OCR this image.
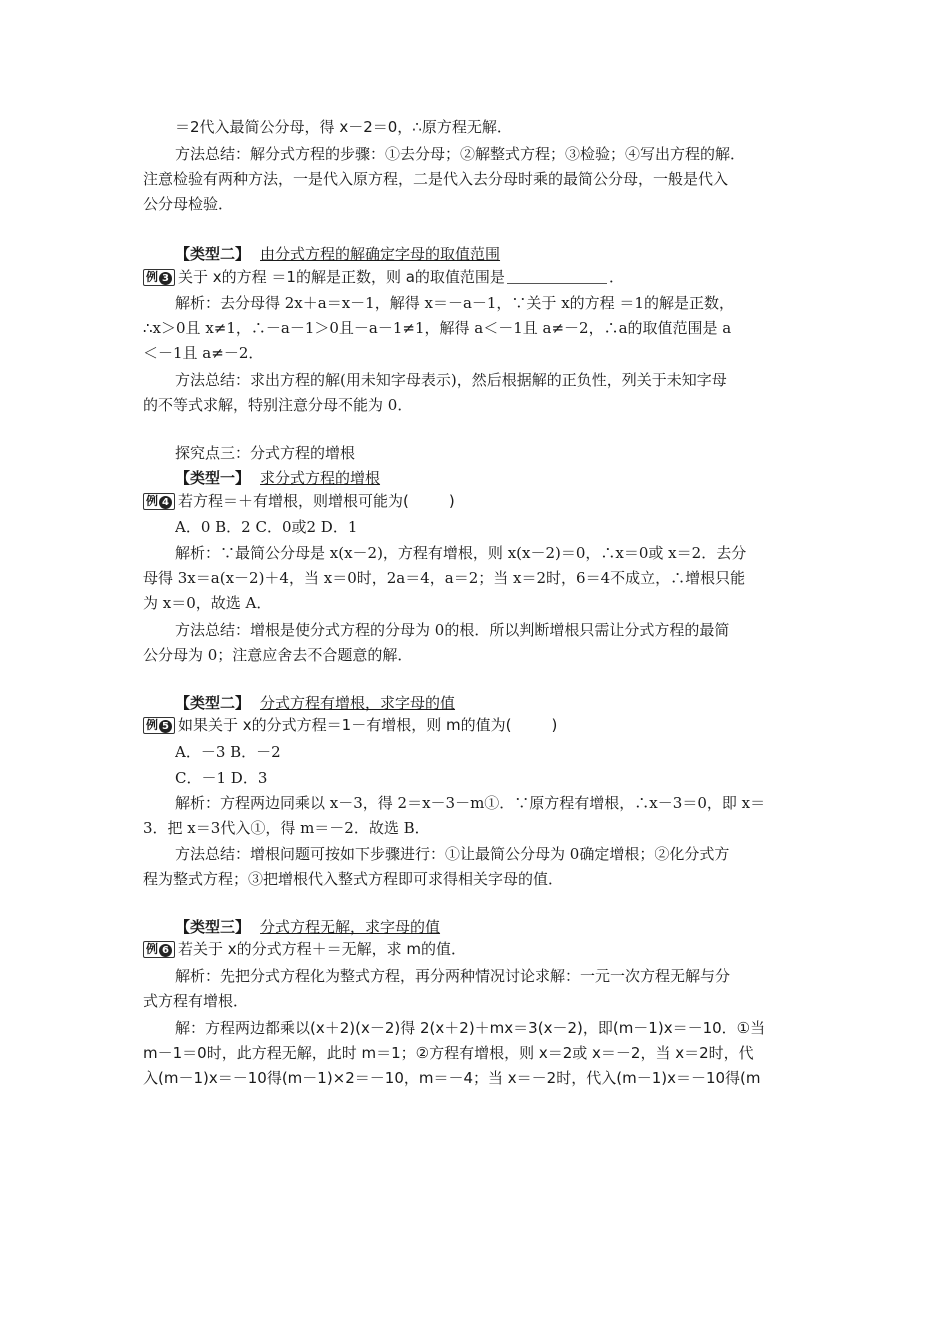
＝2代入最简公分母，得 x－2＝0，∴原方程无解．
方法总结：解分式方程的步骤：①去分母；②解整式方程；③检验；④写出方程的解．
注意检验有两种方法，一是代入原方程，二是代入去分母时乘的最简公分母，一般是代入
公分母检验．
【类型二】 由分式方程的解确定字母的取值范围
例 3 关于 x的方程 ＝1的解是正数，则 a的取值范围是	．
解析：去分母得 2x＋a＝x－1，解得 x＝－a－1，∵关于 x的方程 ＝1的解是正数，
∴x＞0且 x≠1，∴－a－1＞0且－a－1≠1，解得 a＜－1且 a≠－2，∴a的取值范围是 a
＜－1且 a≠－2．
方法总结：求出方程的解(用未知字母表示)，然后根据解的正负性，列关于未知字母
的不等式求解，特别注意分母不能为 0．
探究点三：分式方程的增根
【类型一】 求分式方程的增根
例 4 若方程＝＋有增根，则增根可能为(	)
A．0 B．2 C．0或2 D．1
解析：∵最简公分母是 x(x－2)，方程有增根，则 x(x－2)＝0，∴x＝0或 x＝2．去分
母得 3x＝a(x－2)＋4，当 x＝0时，2a＝4，a＝2；当 x＝2时，6＝4不成立，∴增根只能
为 x＝0，故选 A．
方法总结：增根是使分式方程的分母为 0的根．所以判断增根只需让分式方程的最简
公分母为 0；注意应舍去不合题意的解．
【类型二】 分式方程有增根，求字母的值
例 5 如果关于 x的分式方程＝1－有增根，则 m的值为(	)
A．－3 B．－2
C．－1 D．3
解析：方程两边同乘以 x－3，得 2＝x－3－m①．∵原方程有增根，∴x－3＝0，即 x＝
3．把 x＝3代入①，得 m＝－2．故选 B．
方法总结：增根问题可按如下步骤进行：①让最简公分母为 0确定增根；②化分式方
程为整式方程；③把增根代入整式方程即可求得相关字母的值．
【类型三】 分式方程无解，求字母的值
例 6 若关于 x的分式方程＋＝无解，求 m的值．
解析：先把分式方程化为整式方程，再分两种情况讨论求解：一元一次方程无解与分
式方程有增根．
解：方程两边都乘以(x＋2)(x－2)得 2(x＋2)＋mx＝3(x－2)，即(m－1)x＝－10．①当
m－1＝0时，此方程无解，此时 m＝1；②方程有增根，则 x＝2或 x＝－2，当 x＝2时，代
入(m－1)x＝－10得(m－1)×2＝－10，m＝－4；当 x＝－2时，代入(m－1)x＝－10得(m
